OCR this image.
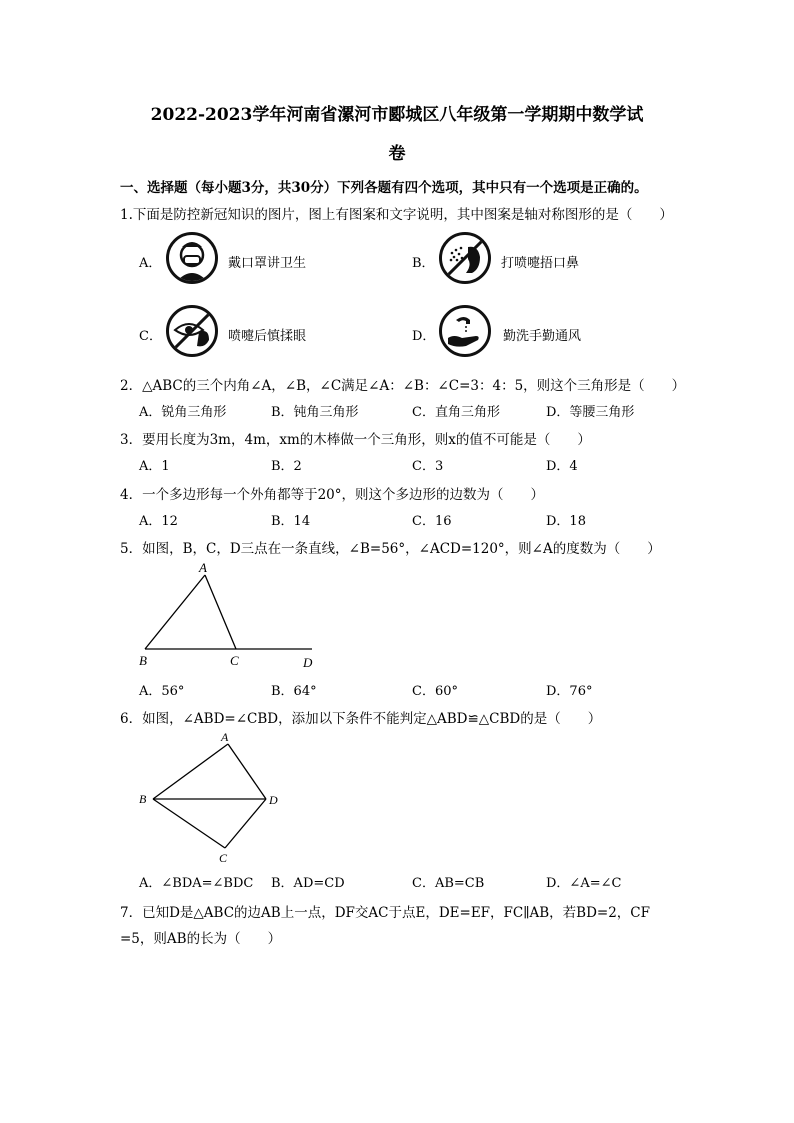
2022-2023学年河南省漯河市郾城区八年级第一学期期中数学试
卷
一、选择题（每小题3分，共30分）下列各题有四个选项，其中只有一个选项是正确的。
1.下面是防控新冠知识的图片，图上有图案和文字说明，其中图案是轴对称图形的是（　　）
A．	戴口罩讲卫生	B．	打喷嚏捂口鼻
C．	喷嚏后慎揉眼	D．	勤洗手勤通风
2．△ABC的三个内角∠A，∠B，∠C满足∠A：∠B：∠C=3：4：5，则这个三角形是（　　）
A．锐角三角形	B．钝角三角形	C．直角三角形	D．等腰三角形
3．要用长度为3m，4m，xm的木棒做一个三角形，则x的值不可能是（　　）
A．1	B．2	C．3	D．4
4．一个多边形每一个外角都等于20°，则这个多边形的边数为（　　）
A．12	B．14	C．16	D．18
5．如图，B，C，D三点在一条直线，∠B=56°，∠ACD=120°，则∠A的度数为（　　）
A
B	C	D
A．56°	B．64°	C．60°	D．76°
6．如图，∠ABD=∠CBD，添加以下条件不能判定△ABD≌△CBD的是（　　）
A
B
C
D
A．∠BDA=∠BDC B．AD=CD	C．AB=CB	D．∠A=∠C
7．已知D是△ABC的边AB上一点，DF交AC于点E，DE=EF，FC∥AB，若BD=2，CF
=5，则AB的长为（　　）
